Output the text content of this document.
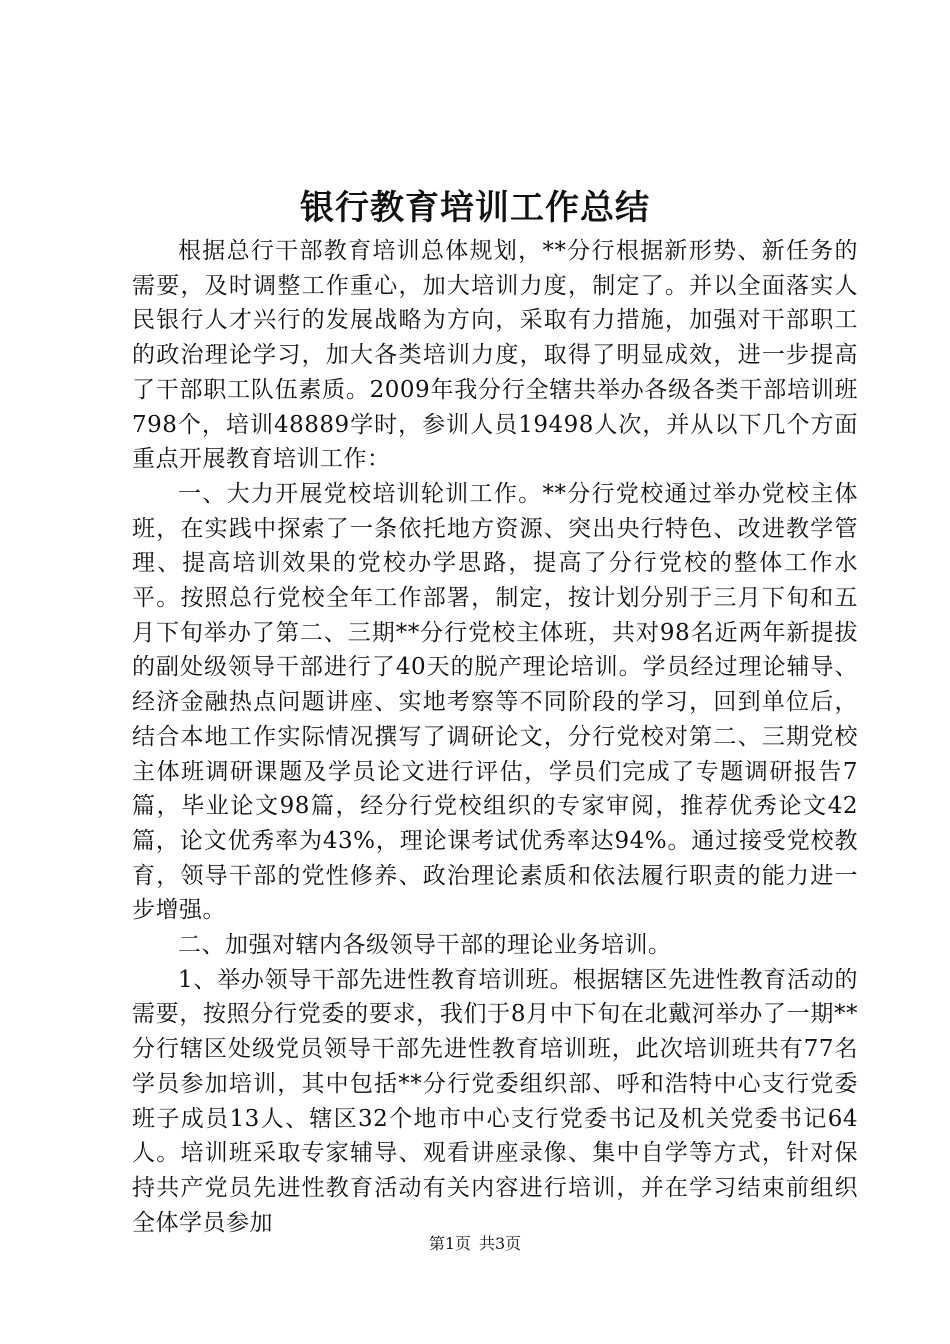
银行教育培训工作总结

根据总行干部教育培训总体规划，**分行根据新形势、新任务的需要，及时调整工作重心，加大培训力度，制定了。并以全面落实人民银行人才兴行的发展战略为方向，采取有力措施，加强对干部职工的政治理论学习，加大各类培训力度，取得了明显成效，进一步提高了干部职工队伍素质。2009年我分行全辖共举办各级各类干部培训班798个，培训48889学时，参训人员19498人次，并从以下几个方面重点开展教育培训工作：

一、大力开展党校培训轮训工作。**分行党校通过举办党校主体班，在实践中探索了一条依托地方资源、突出央行特色、改进教学管理、提高培训效果的党校办学思路，提高了分行党校的整体工作水平。按照总行党校全年工作部署，制定，按计划分别于三月下旬和五月下旬举办了第二、三期**分行党校主体班，共对98名近两年新提拔的副处级领导干部进行了40天的脱产理论培训。学员经过理论辅导、经济金融热点问题讲座、实地考察等不同阶段的学习，回到单位后，结合本地工作实际情况撰写了调研论文，分行党校对第二、三期党校主体班调研课题及学员论文进行评估，学员们完成了专题调研报告7篇，毕业论文98篇，经分行党校组织的专家审阅，推荐优秀论文42篇，论文优秀率为43%，理论课考试优秀率达94%。通过接受党校教育，领导干部的党性修养、政治理论素质和依法履行职责的能力进一步增强。

二、加强对辖内各级领导干部的理论业务培训。

1、举办领导干部先进性教育培训班。根据辖区先进性教育活动的需要，按照分行党委的要求，我们于8月中下旬在北戴河举办了一期**分行辖区处级党员领导干部先进性教育培训班，此次培训班共有77名学员参加培训，其中包括**分行党委组织部、呼和浩特中心支行党委班子成员13人、辖区32个地市中心支行党委书记及机关党委书记64人。培训班采取专家辅导、观看讲座录像、集中自学等方式，针对保持共产党员先进性教育活动有关内容进行培训，并在学习结束前组织全体学员参加

第1页 共3页
